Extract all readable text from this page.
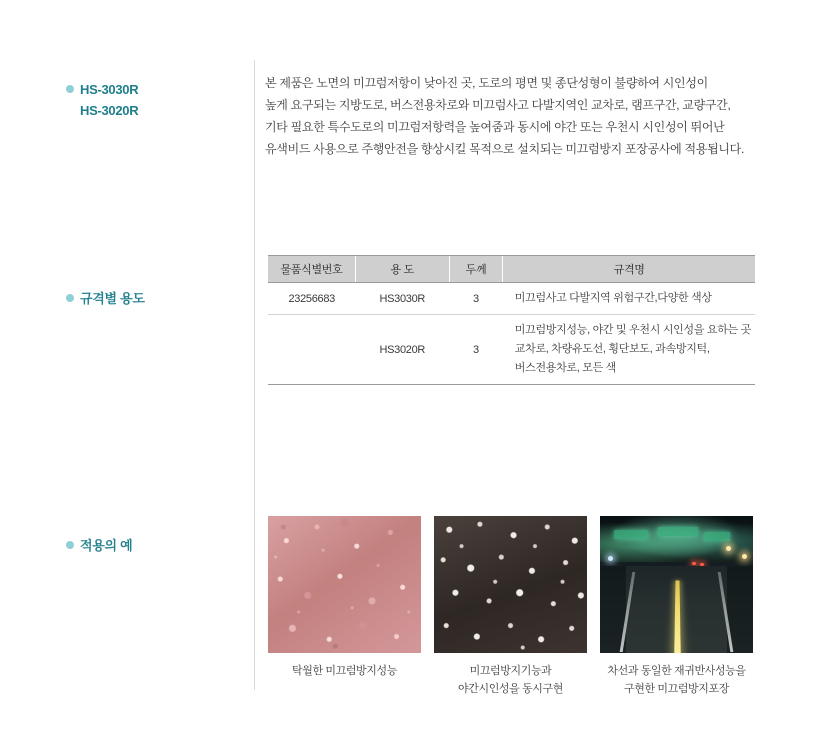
HS-3030R
HS-3020R
규격별 용도
적용의 예
본 제품은 노면의 미끄럼저항이 낮아진 곳, 도로의 평면 및 종단성형이 불량하여 시인성이
높게 요구되는 지방도로, 버스전용차로와 미끄럼사고 다발지역인 교차로, 램프구간, 교량구간,
기타 필요한 특수도로의 미끄럼저항력을 높여줌과 동시에 야간 또는 우천시 시인성이 뛰어난
유색비드 사용으로 주행안전을 향상시킬 목적으로 설치되는 미끄럼방지 포장공사에 적용됩니다.
물품식별번호	용 도	두께	규격명
23256683	HS3030R	3	미끄럼사고 다발지역 위험구간,다양한 색상
	HS3020R	3	미끄럼방지성능, 야간 및 우천시 시인성을 요하는 곳
교차로, 차량유도선, 횡단보도, 과속방지턱,
버스전용차로, 모든 색
탁월한 미끄럼방지성능	미끄럼방지기능과
야간시인성을 동시구현
차선과 동일한 재귀반사성능을
구현한 미끄럼방지포장
